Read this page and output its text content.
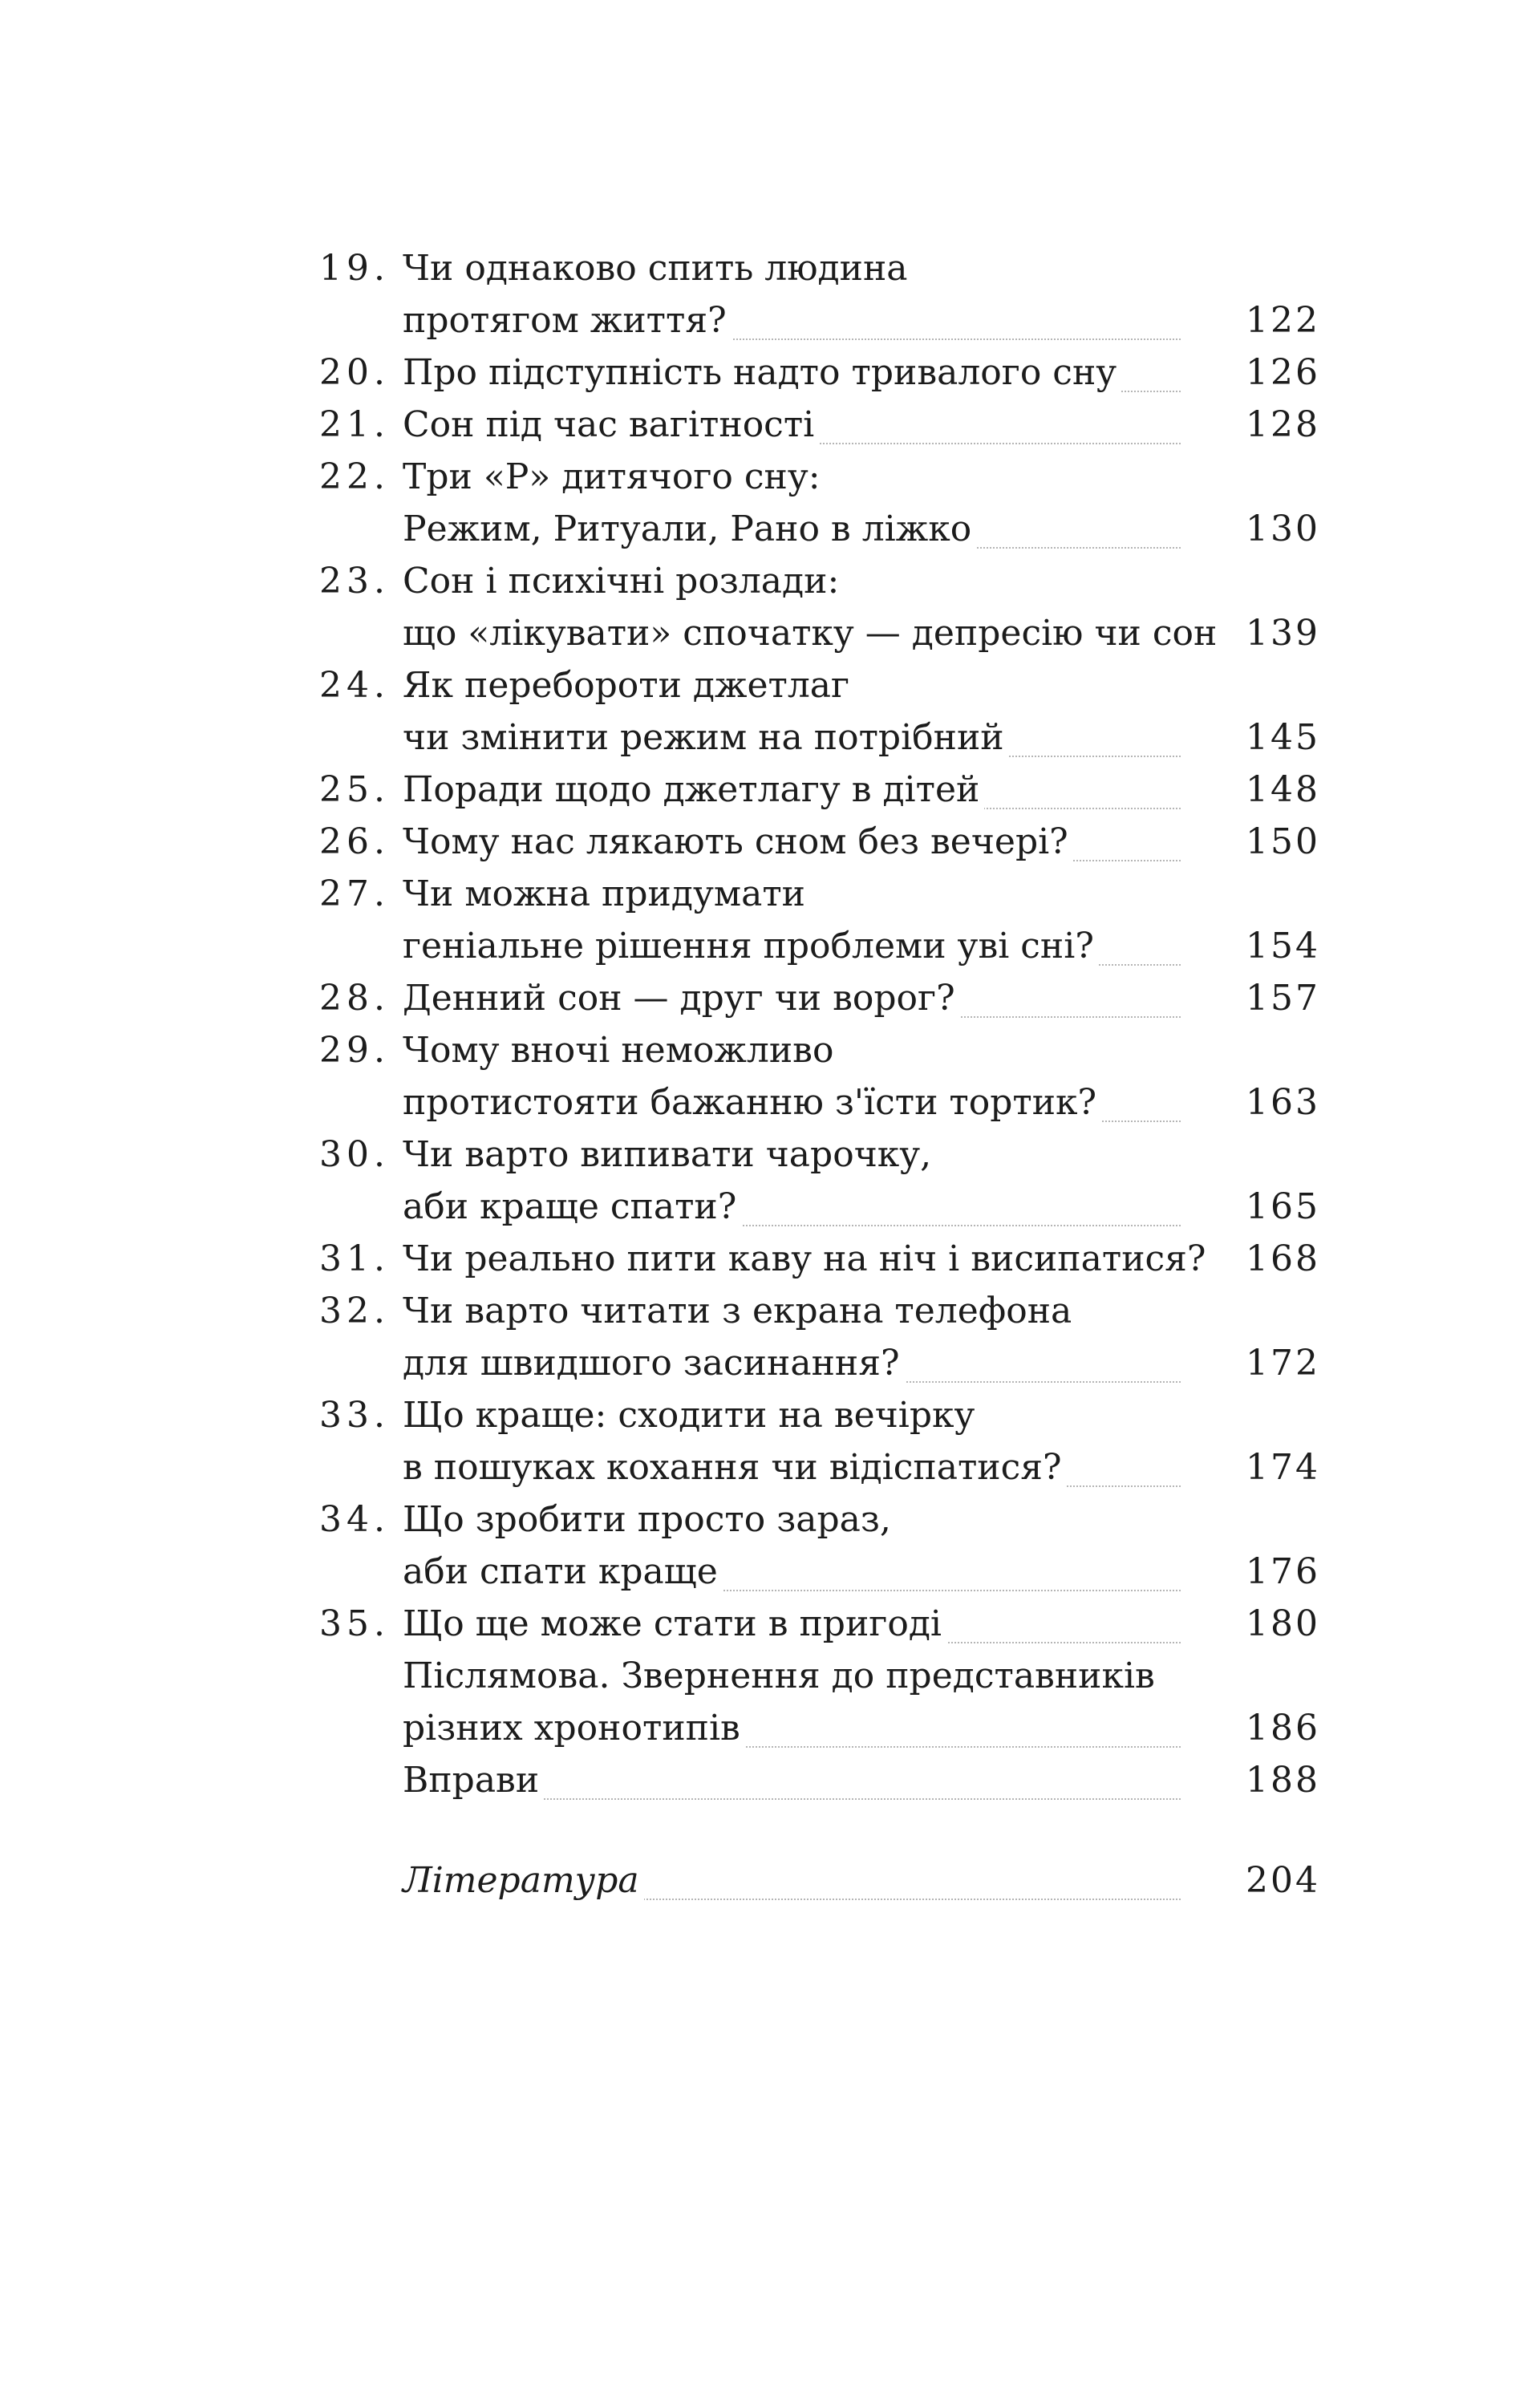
19. Чи однаково спить людина
протягом життя?	122
20. Про підступність надто тривалого сну	126
21. Сон під час вагітності	128
22. Три «Р» дитячого сну:
Режим, Ритуали, Рано в ліжко	130
23. Сон і психічні розлади:
що «лікувати» спочатку — депресію чи сон 139
24. Як перебороти джетлаг
чи змінити режим на потрібний	145
25. Поради щодо джетлагу в дітей	148
26. Чому нас лякають сном без вечері?	150
27. Чи можна придумати
геніальне рішення проблеми уві сні?	154
28. Денний сон — друг чи ворог?	157
29. Чому вночі неможливо
протистояти бажанню з'їсти тортик?	163
30. Чи варто випивати чарочку,
аби краще спати?	165
31. Чи реально пити каву на ніч і висипатися?	168
32. Чи варто читати з екрана телефона
для швидшого засинання?	172
33. Що краще: сходити на вечірку
в пошуках кохання чи відіспатися?	174
34. Що зробити просто зараз,
аби спати краще	176
35. Що ще може стати в пригоді	180
Післямова. Звернення до представників
різних хронотипів	186
Вправи	188
Література	204
